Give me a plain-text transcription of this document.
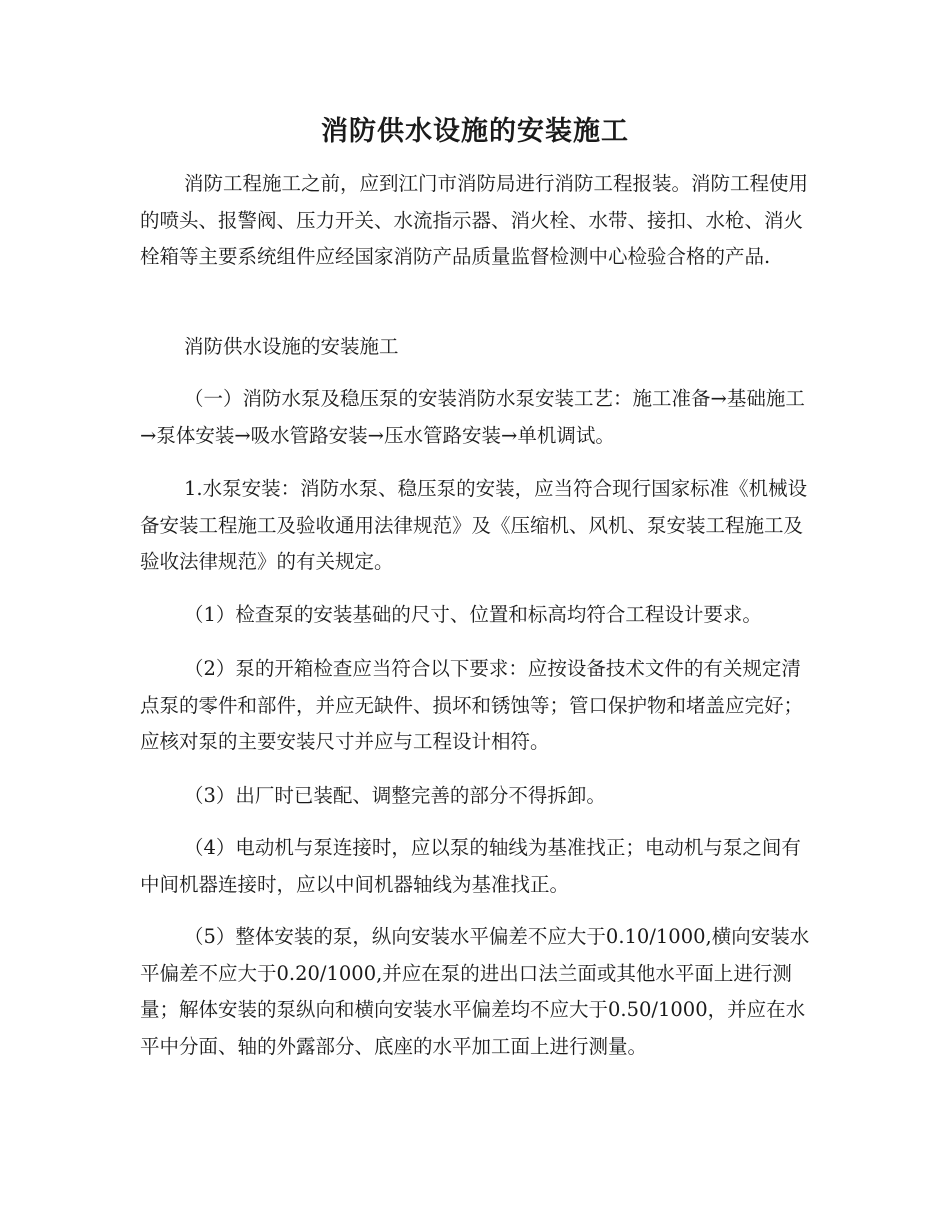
消防供水设施的安装施工

消防工程施工之前，应到江门市消防局进行消防工程报装。消防工程使用的喷头、报警阀、压力开关、水流指示器、消火栓、水带、接扣、水枪、消火栓箱等主要系统组件应经国家消防产品质量监督检测中心检验合格的产品.

消防供水设施的安装施工

（一）消防水泵及稳压泵的安装消防水泵安装工艺：施工准备→基础施工→泵体安装→吸水管路安装→压水管路安装→单机调试。

1.水泵安装：消防水泵、稳压泵的安装，应当符合现行国家标准《机械设备安装工程施工及验收通用法律规范》及《压缩机、风机、泵安装工程施工及验收法律规范》的有关规定。

（1）检查泵的安装基础的尺寸、位置和标高均符合工程设计要求。

（2）泵的开箱检查应当符合以下要求：应按设备技术文件的有关规定清点泵的零件和部件，并应无缺件、损坏和锈蚀等；管口保护物和堵盖应完好；应核对泵的主要安装尺寸并应与工程设计相符。

（3）出厂时已装配、调整完善的部分不得拆卸。

（4）电动机与泵连接时，应以泵的轴线为基准找正；电动机与泵之间有中间机器连接时，应以中间机器轴线为基准找正。

（5）整体安装的泵，纵向安装水平偏差不应大于0.10/1000,横向安装水平偏差不应大于0.20/1000,并应在泵的进出口法兰面或其他水平面上进行测量；解体安装的泵纵向和横向安装水平偏差均不应大于0.50/1000，并应在水平中分面、轴的外露部分、底座的水平加工面上进行测量。
